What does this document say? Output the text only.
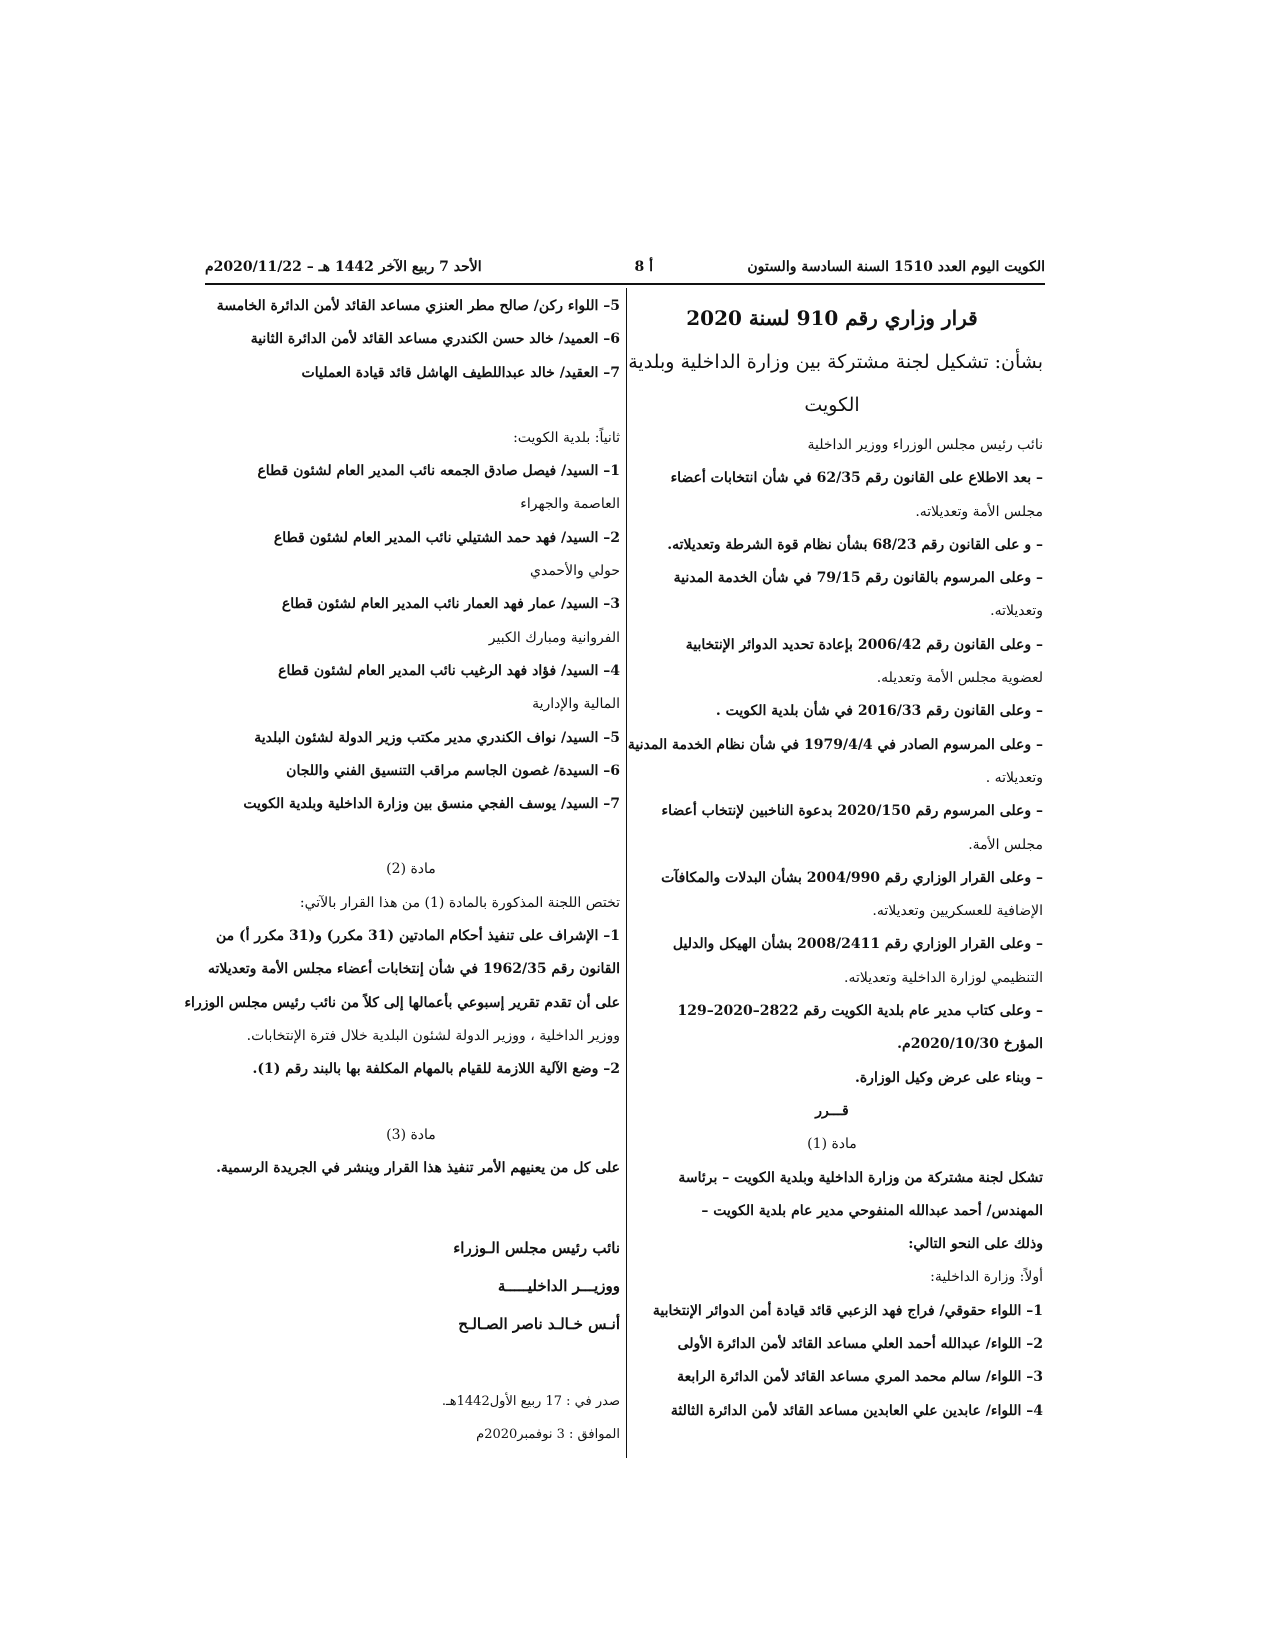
الكويت اليوم العدد 1510 السنة السادسة والستون
أ 8
الأحد 7 ربيع الآخر 1442 هـ – 2020/11/22م
قرار وزاري رقم 910 لسنة 2020
بشأن: تشكيل لجنة مشتركة بين وزارة الداخلية وبلدية
الكويت
نائب رئيس مجلس الوزراء ووزير الداخلية
– بعد الاطلاع على القانون رقم 62/35 في شأن انتخابات أعضاء
مجلس الأمة وتعديلاته.
– و على القانون رقم 68/23 بشأن نظام قوة الشرطة وتعديلاته.
– وعلى المرسوم بالقانون رقم 79/15 في شأن الخدمة المدنية
وتعديلاته.
– وعلى القانون رقم 2006/42 بإعادة تحديد الدوائر الإنتخابية
لعضوية مجلس الأمة وتعديله.
– وعلى القانون رقم 2016/33 في شأن بلدية الكويت .
– وعلى المرسوم الصادر في 1979/4/4 في شأن نظام الخدمة المدنية
وتعديلاته .
– وعلى المرسوم رقم 2020/150 بدعوة الناخبين لإنتخاب أعضاء
مجلس الأمة.
– وعلى القرار الوزاري رقم 2004/990 بشأن البدلات والمكافآت
الإضافية للعسكريين وتعديلاته.
– وعلى القرار الوزاري رقم 2008/2411 بشأن الهيكل والدليل
التنظيمي لوزارة الداخلية وتعديلاته.
– وعلى كتاب مدير عام بلدية الكويت رقم 2822–2020–129
المؤرخ 2020/10/30م.
– وبناء على عرض وكيل الوزارة.
قـــرر
مادة (1)
تشكل لجنة مشتركة من وزارة الداخلية وبلدية الكويت – برئاسة
المهندس/ أحمد عبدالله المنفوحي مدير عام بلدية الكويت –
وذلك على النحو التالي:
أولاً: وزارة الداخلية:
1– اللواء حقوقي/ فراج فهد الزعبي قائد قيادة أمن الدوائر الإنتخابية
2– اللواء/ عبدالله أحمد العلي مساعد القائد لأمن الدائرة الأولى
3– اللواء/ سالم محمد المري مساعد القائد لأمن الدائرة الرابعة
4– اللواء/ عابدين علي العابدين مساعد القائد لأمن الدائرة الثالثة
5– اللواء ركن/ صالح مطر العنزي مساعد القائد لأمن الدائرة الخامسة
6– العميد/ خالد حسن الكندري مساعد القائد لأمن الدائرة الثانية
7– العقيد/ خالد عبداللطيف الهاشل قائد قيادة العمليات
ثانياً: بلدية الكويت:
1– السيد/ فيصل صادق الجمعه نائب المدير العام لشئون قطاع
العاصمة والجهراء
2– السيد/ فهد حمد الشتيلي نائب المدير العام لشئون قطاع
حولي والأحمدي
3– السيد/ عمار فهد العمار نائب المدير العام لشئون قطاع
الفروانية ومبارك الكبير
4– السيد/ فؤاد فهد الرغيب نائب المدير العام لشئون قطاع
المالية والإدارية
5– السيد/ نواف الكندري مدير مكتب وزير الدولة لشئون البلدية
6– السيدة/ غصون الجاسم مراقب التنسيق الفني واللجان
7– السيد/ يوسف الفجي منسق بين وزارة الداخلية وبلدية الكويت
مادة (2)
تختص اللجنة المذكورة بالمادة (1) من هذا القرار بالآتي:
1– الإشراف على تنفيذ أحكام المادتين (31 مكرر) و(31 مكرر أ) من
القانون رقم 1962/35 في شأن إنتخابات أعضاء مجلس الأمة وتعديلاته
على أن تقدم تقرير إسبوعي بأعمالها إلى كلاً من نائب رئيس مجلس الوزراء
ووزير الداخلية ، ووزير الدولة لشئون البلدية خلال فترة الإنتخابات.
2– وضع الآلية اللازمة للقيام بالمهام المكلفة بها بالبند رقم (1).
مادة (3)
على كل من يعنيهم الأمر تنفيذ هذا القرار وينشر في الجريدة الرسمية.
نائب رئيس مجلس الـوزراء
ووزيـــر الداخليـــــة
أنـس خـالـد ناصر الصـالـح
صدر في : 17 ربيع الأول1442هـ.
الموافق : 3 نوفمبر2020م
